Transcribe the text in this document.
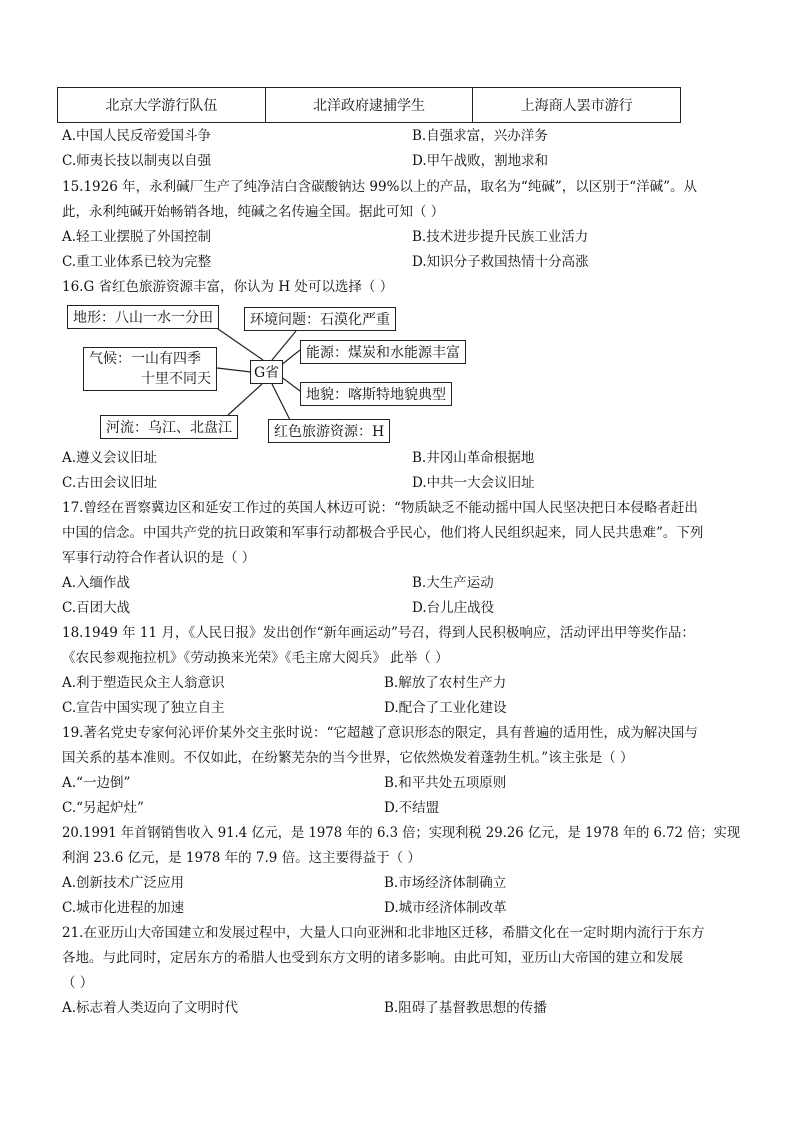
北京大学游行队伍	北洋政府逮捕学生	上海商人罢市游行
A.中国人民反帝爱国斗争	B.自强求富，兴办洋务
C.师夷长技以制夷以自强	D.甲午战败，割地求和
15.1926 年，永利碱厂生产了纯净洁白含碳酸钠达 99%以上的产品，取名为“纯碱”，以区别于“洋碱”。从
此，永利纯碱开始畅销各地，纯碱之名传遍全国。据此可知（ ）
A.轻工业摆脱了外国控制	B.技术进步提升民族工业活力
C.重工业体系已较为完整	D.知识分子救国热情十分高涨
16.G 省红色旅游资源丰富，你认为 H 处可以选择（ ）
地形：八山一水一分田	环境问题：石漠化严重
气候：一山有四季
十里不同天	G省
能源：煤炭和水能源丰富
地貌：喀斯特地貌典型
河流：乌江、北盘江	红色旅游资源：H
A.遵义会议旧址	B.井冈山革命根据地
C.古田会议旧址	D.中共一大会议旧址
17.曾经在晋察冀边区和延安工作过的英国人林迈可说：“物质缺乏不能动摇中国人民坚决把日本侵略者赶出
中国的信念。中国共产党的抗日政策和军事行动都极合乎民心，他们将人民组织起来，同人民共患难”。下列
军事行动符合作者认识的是（ ）
A.入缅作战	B.大生产运动
C.百团大战	D.台儿庄战役
18.1949 年 11 月，《人民日报》发出创作“新年画运动”号召，得到人民积极响应，活动评出甲等奖作品：
《农民参观拖拉机》《劳动换来光荣》《毛主席大阅兵》 此举（ ）
A.利于塑造民众主人翁意识	B.解放了农村生产力
C.宣告中国实现了独立自主	D.配合了工业化建设
19.著名党史专家何沁评价某外交主张时说：“它超越了意识形态的限定，具有普遍的适用性，成为解决国与
国关系的基本准则。不仅如此，在纷繁芜杂的当今世界，它依然焕发着蓬勃生机。”该主张是（ ）
A.“一边倒”	B.和平共处五项原则
C.“另起炉灶”	D.不结盟
20.1991 年首钢销售收入 91.4 亿元，是 1978 年的 6.3 倍；实现利税 29.26 亿元，是 1978 年的 6.72 倍；实现
利润 23.6 亿元，是 1978 年的 7.9 倍。这主要得益于（ ）
A.创新技术广泛应用	B.市场经济体制确立
C.城市化进程的加速	D.城市经济体制改革
21.在亚历山大帝国建立和发展过程中，大量人口向亚洲和北非地区迁移，希腊文化在一定时期内流行于东方
各地。与此同时，定居东方的希腊人也受到东方文明的诸多影响。由此可知，亚历山大帝国的建立和发展
（ ）
A.标志着人类迈向了文明时代	B.阻碍了基督教思想的传播
